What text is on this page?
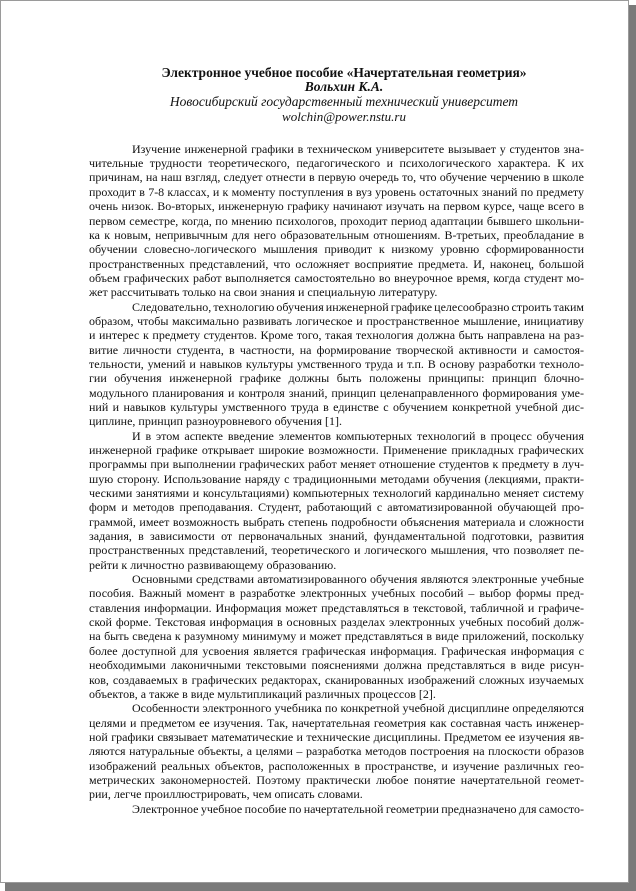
Электронное учебное пособие «Начертательная геометрия»
Вольхин К.А.
Новосибирский государственный технический университет
wolchin@power.nstu.ru
Изучение инженерной графики в техническом университете вызывает у студентов зна-
чительные трудности теоретического, педагогического и психологического характера. К их
причинам, на наш взгляд, следует отнести в первую очередь то, что обучение черчению в школе
проходит в 7-8 классах, и к моменту поступления в вуз уровень остаточных знаний по предмету
очень низок. Во-вторых, инженерную графику начинают изучать на первом курсе, чаще всего в
первом семестре, когда, по мнению психологов, проходит период адаптации бывшего школьни-
ка к новым, непривычным для него образовательным отношениям. В-третьих, преобладание в
обучении словесно-логического мышления приводит к низкому уровню сформированности
пространственных представлений, что осложняет восприятие предмета. И, наконец, большой
объем графических работ выполняется самостоятельно во внеурочное время, когда студент мо-
жет рассчитывать только на свои знания и специальную литературу.
Следовательно, технологию обучения инженерной графике целесообразно строить таким
образом, чтобы максимально развивать логическое и пространственное мышление, инициативу
и интерес к предмету студентов. Кроме того, такая технология должна быть направлена на раз-
витие личности студента, в частности, на формирование творческой активности и самостоя-
тельности, умений и навыков культуры умственного труда и т.п. В основу разработки техноло-
гии обучения инженерной графике должны быть положены принципы: принцип блочно-
модульного планирования и контроля знаний, принцип целенаправленного формирования уме-
ний и навыков культуры умственного труда в единстве с обучением конкретной учебной дис-
циплине, принцип разноуровневого обучения [1].
И в этом аспекте введение элементов компьютерных технологий в процесс обучения
инженерной графике открывает широкие возможности. Применение прикладных графических
программы при выполнении графических работ меняет отношение студентов к предмету в луч-
шую сторону. Использование наряду с традиционными методами обучения (лекциями, практи-
ческими занятиями и консультациями) компьютерных технологий кардинально меняет систему
форм и методов преподавания. Студент, работающий с автоматизированной обучающей про-
граммой, имеет возможность выбрать степень подробности объяснения материала и сложности
задания, в зависимости от первоначальных знаний, фундаментальной подготовки, развития
пространственных представлений, теоретического и логического мышления, что позволяет пе-
рейти к личностно развивающему образованию.
Основными средствами автоматизированного обучения являются электронные учебные
пособия. Важный момент в разработке электронных учебных пособий – выбор формы пред-
ставления информации. Информация может представляться в текстовой, табличной и графиче-
ской форме. Текстовая информация в основных разделах электронных учебных пособий долж-
на быть сведена к разумному минимуму и может представляться в виде приложений, поскольку
более доступной для усвоения является графическая информация. Графическая информация с
необходимыми лаконичными текстовыми пояснениями должна представляться в виде рисун-
ков, создаваемых в графических редакторах, сканированных изображений сложных изучаемых
объектов, а также в виде мультипликаций различных процессов [2].
Особенности электронного учебника по конкретной учебной дисциплине определяются
целями и предметом ее изучения. Так, начертательная геометрия как составная часть инженер-
ной графики связывает математические и технические дисциплины. Предметом ее изучения яв-
ляются натуральные объекты, а целями – разработка методов построения на плоскости образов
изображений реальных объектов, расположенных в пространстве, и изучение различных гео-
метрических закономерностей. Поэтому практически любое понятие начертательной геомет-
рии, легче проиллюстрировать, чем описать словами.
Электронное учебное пособие по начертательной геометрии предназначено для самосто-
